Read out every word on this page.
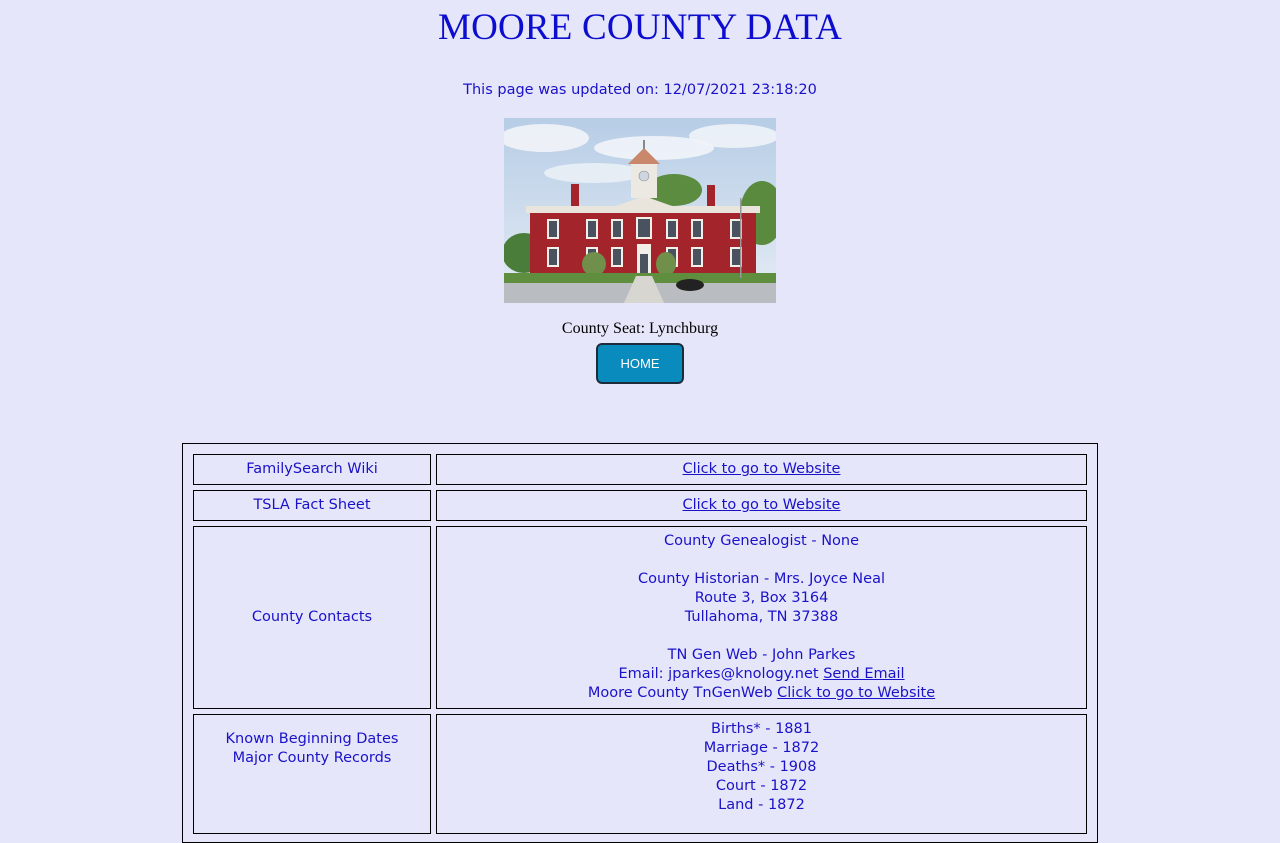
MOORE COUNTY DATA
This page was updated on: 12/07/2021 23:18:20
County Seat: Lynchburg
HOME
FamilySearch Wiki	Click to go to Website
TSLA Fact Sheet	Click to go to Website
County Contacts
County Genealogist - None
County Historian - Mrs. Joyce Neal
Route 3, Box 3164
Tullahoma, TN 37388
TN Gen Web - John Parkes
Email: jparkes@knology.net Send Email
Moore County TnGenWeb Click to go to Website
Known Beginning Dates
Major County Records
Births* - 1881
Marriage - 1872
Deaths* - 1908
Court - 1872
Land - 1872
